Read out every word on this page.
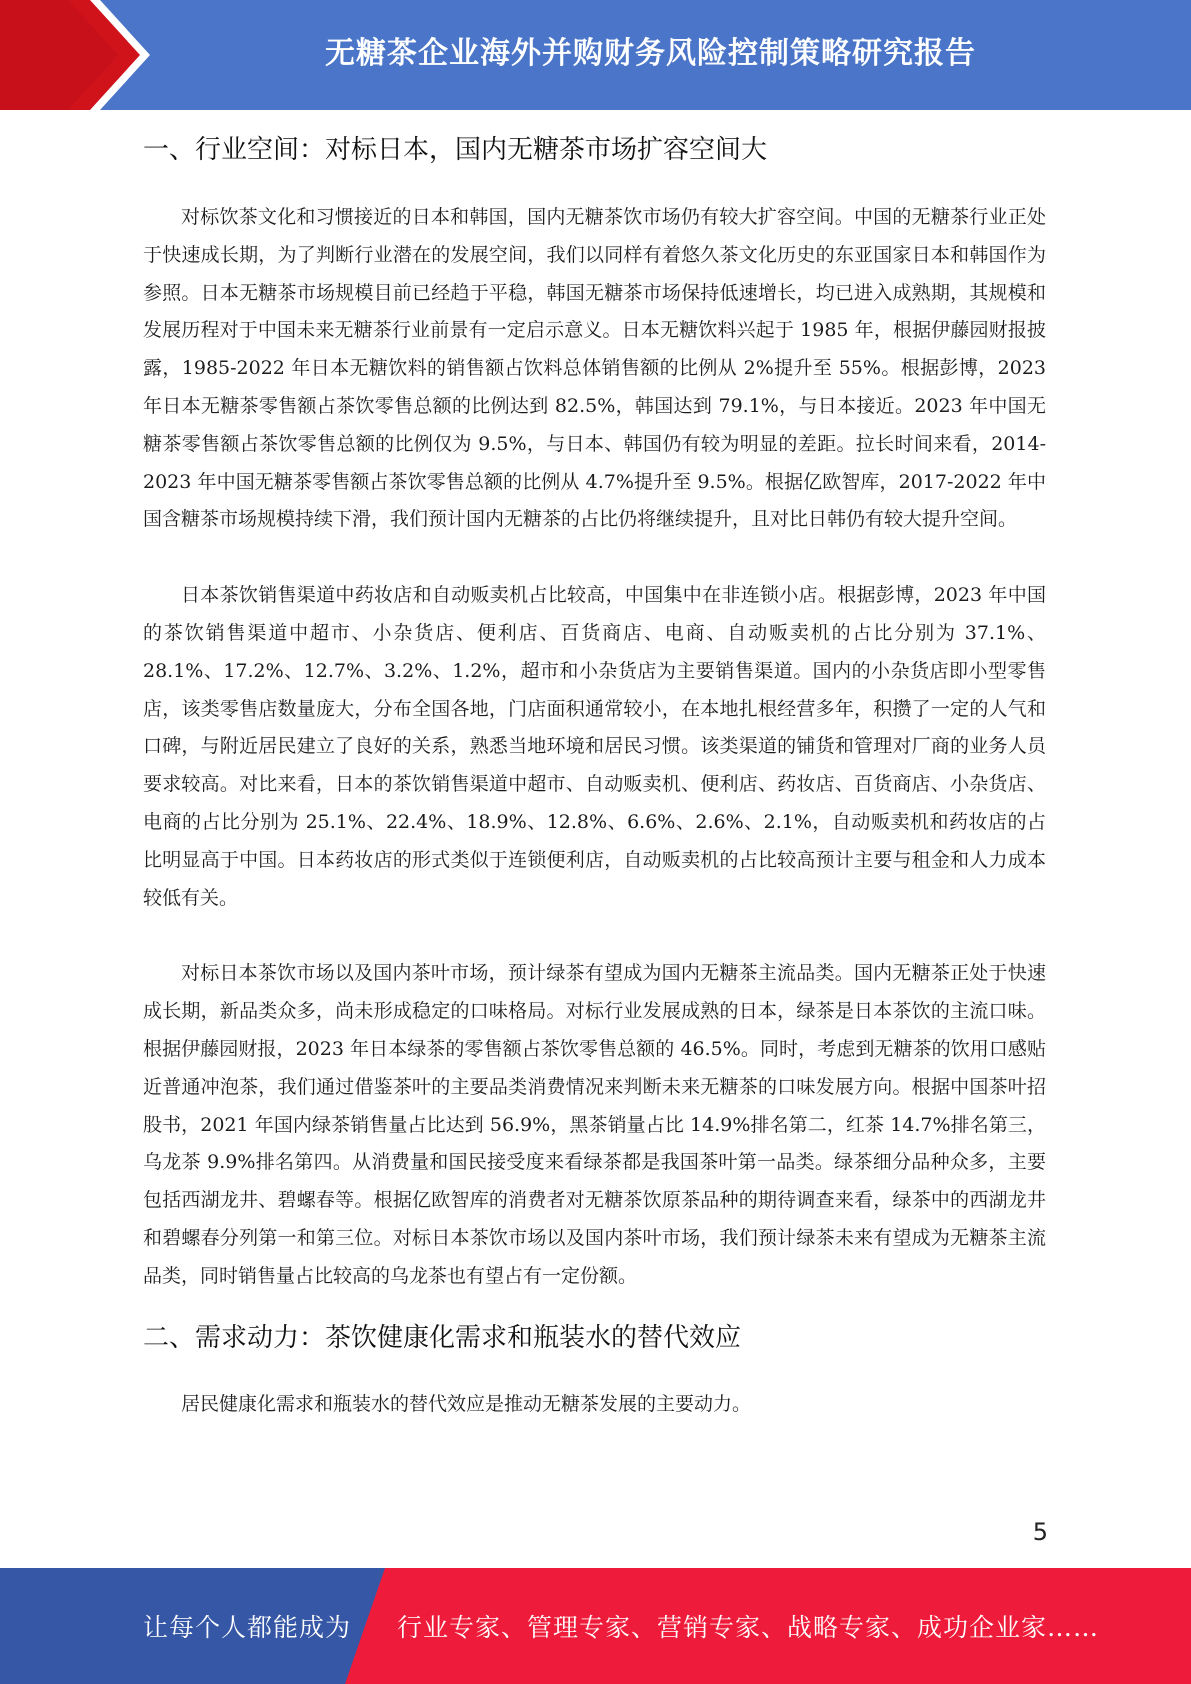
无糖茶企业海外并购财务风险控制策略研究报告
一、行业空间：对标日本，国内无糖茶市场扩容空间大

对标饮茶文化和习惯接近的日本和韩国，国内无糖茶饮市场仍有较大扩容空间。中国的无糖茶行业正处于快速成长期，为了判断行业潜在的发展空间，我们以同样有着悠久茶文化历史的东亚国家日本和韩国作为参照。日本无糖茶市场规模目前已经趋于平稳，韩国无糖茶市场保持低速增长，均已进入成熟期，其规模和发展历程对于中国未来无糖茶行业前景有一定启示意义。日本无糖饮料兴起于 1985 年，根据伊藤园财报披露，1985-2022 年日本无糖饮料的销售额占饮料总体销售额的比例从 2%提升至 55%。根据彭博，2023 年日本无糖茶零售额占茶饮零售总额的比例达到 82.5%，韩国达到 79.1%，与日本接近。2023 年中国无糖茶零售额占茶饮零售总额的比例仅为 9.5%，与日本、韩国仍有较为明显的差距。拉长时间来看，2014-2023 年中国无糖茶零售额占茶饮零售总额的比例从 4.7%提升至 9.5%。根据亿欧智库，2017-2022 年中国含糖茶市场规模持续下滑，我们预计国内无糖茶的占比仍将继续提升，且对比日韩仍有较大提升空间。

日本茶饮销售渠道中药妆店和自动贩卖机占比较高，中国集中在非连锁小店。根据彭博，2023 年中国的茶饮销售渠道中超市、小杂货店、便利店、百货商店、电商、自动贩卖机的占比分别为 37.1%、28.1%、17.2%、12.7%、3.2%、1.2%，超市和小杂货店为主要销售渠道。国内的小杂货店即小型零售店，该类零售店数量庞大，分布全国各地，门店面积通常较小，在本地扎根经营多年，积攒了一定的人气和口碑，与附近居民建立了良好的关系，熟悉当地环境和居民习惯。该类渠道的铺货和管理对厂商的业务人员要求较高。对比来看，日本的茶饮销售渠道中超市、自动贩卖机、便利店、药妆店、百货商店、小杂货店、电商的占比分别为 25.1%、22.4%、18.9%、12.8%、6.6%、2.6%、2.1%，自动贩卖机和药妆店的占比明显高于中国。日本药妆店的形式类似于连锁便利店，自动贩卖机的占比较高预计主要与租金和人力成本较低有关。

对标日本茶饮市场以及国内茶叶市场，预计绿茶有望成为国内无糖茶主流品类。国内无糖茶正处于快速成长期，新品类众多，尚未形成稳定的口味格局。对标行业发展成熟的日本，绿茶是日本茶饮的主流口味。根据伊藤园财报，2023 年日本绿茶的零售额占茶饮零售总额的 46.5%。同时，考虑到无糖茶的饮用口感贴近普通冲泡茶，我们通过借鉴茶叶的主要品类消费情况来判断未来无糖茶的口味发展方向。根据中国茶叶招股书，2021 年国内绿茶销售量占比达到 56.9%，黑茶销量占比 14.9%排名第二，红茶 14.7%排名第三，乌龙茶 9.9%排名第四。从消费量和国民接受度来看绿茶都是我国茶叶第一品类。绿茶细分品种众多，主要包括西湖龙井、碧螺春等。根据亿欧智库的消费者对无糖茶饮原茶品种的期待调查来看，绿茶中的西湖龙井和碧螺春分列第一和第三位。对标日本茶饮市场以及国内茶叶市场，我们预计绿茶未来有望成为无糖茶主流品类，同时销售量占比较高的乌龙茶也有望占有一定份额。

二、需求动力：茶饮健康化需求和瓶装水的替代效应

居民健康化需求和瓶装水的替代效应是推动无糖茶发展的主要动力。

5
让每个人都能成为 行业专家、管理专家、营销专家、战略专家、成功企业家……
